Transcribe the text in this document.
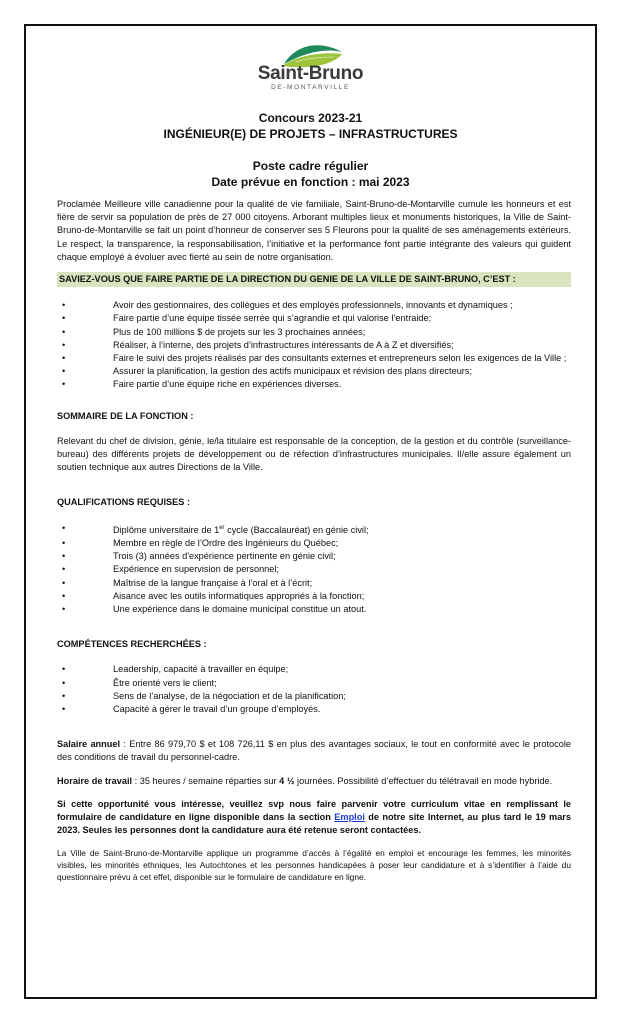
Saint-Bruno
DE-MONTARVILLE
Concours 2023-21
INGÉNIEUR(E) DE PROJETS – INFRASTRUCTURES
Poste cadre régulier
Date prévue en fonction : mai 2023

Proclamée Meilleure ville canadienne pour la qualité de vie familiale, Saint-Bruno-de-Montarville cumule les honneurs et est fière de servir sa population de près de 27 000 citoyens. Arborant multiples lieux et monuments historiques, la Ville de Saint-Bruno-de-Montarville se fait un point d’honneur de conserver ses 5 Fleurons pour la qualité de ses aménagements extérieurs. Le respect, la transparence, la responsabilisation, l’initiative et la performance font partie intégrante des valeurs qui guident chaque employé à évoluer avec fierté au sein de notre organisation.

SAVIEZ-VOUS QUE FAIRE PARTIE DE LA DIRECTION DU GENIE DE LA VILLE DE SAINT-BRUNO, C’EST :
•	Avoir des gestionnaires, des collègues et des employés professionnels, innovants et dynamiques ;
•	Faire partie d’une équipe tissée serrée qui s’agrandie et qui valorise l’entraide;
•	Plus de 100 millions $ de projets sur les 3 prochaines années;
•	Réaliser, à l’interne, des projets d’infrastructures intéressants de A à Z et diversifiés;
•	Faire le suivi des projets réalisés par des consultants externes et entrepreneurs selon les exigences de la Ville ;
•	Assurer la planification, la gestion des actifs municipaux et révision des plans directeurs;
•	Faire partie d’une équipe riche en expériences diverses.
SOMMAIRE DE LA FONCTION :

Relevant du chef de division, génie, le/la titulaire est responsable de la conception, de la gestion et du contrôle (surveillance-bureau) des différents projets de développement ou de réfection d’infrastructures municipales. Il/elle assure également un soutien technique aux autres Directions de la Ville.

QUALIFICATIONS REQUISES :
•	Diplôme universitaire de 1er cycle (Baccalauréat) en génie civil;
•	Membre en règle de l’Ordre des Ingénieurs du Québec;
•	Trois (3) années d'expérience pertinente en génie civil;
•	Expérience en supervision de personnel;
•	Maîtrise de la langue française à l’oral et à l’écrit;
•	Aisance avec les outils informatiques appropriés à la fonction;
•	Une expérience dans le domaine municipal constitue un atout.
COMPÉTENCES RECHERCHÉES :
•	Leadership, capacité à travailler en équipe;
•	Être orienté vers le client;
•	Sens de l’analyse, de la négociation et de la planification;
•	Capacité à gérer le travail d’un groupe d’employés.

Salaire annuel : Entre 86 979,70 $ et 108 726,11 $ en plus des avantages sociaux, le tout en conformité avec le protocole des conditions de travail du personnel-cadre.

Horaire de travail : 35 heures / semaine réparties sur 4 ½ journées. Possibilité d’effectuer du télétravail en mode hybride.

Si cette opportunité vous intéresse, veuillez svp nous faire parvenir votre curriculum vitae en remplissant le formulaire de candidature en ligne disponible dans la section Emploi de notre site Internet, au plus tard le 19 mars 2023. Seules les personnes dont la candidature aura été retenue seront contactées.

La Ville de Saint-Bruno-de-Montarville applique un programme d’accès à l’égalité en emploi et encourage les femmes, les minorités visibles, les minorités ethniques, les Autochtones et les personnes handicapées à poser leur candidature et à s’identifier à l’aide du questionnaire prévu à cet effet, disponible sur le formulaire de candidature en ligne.
